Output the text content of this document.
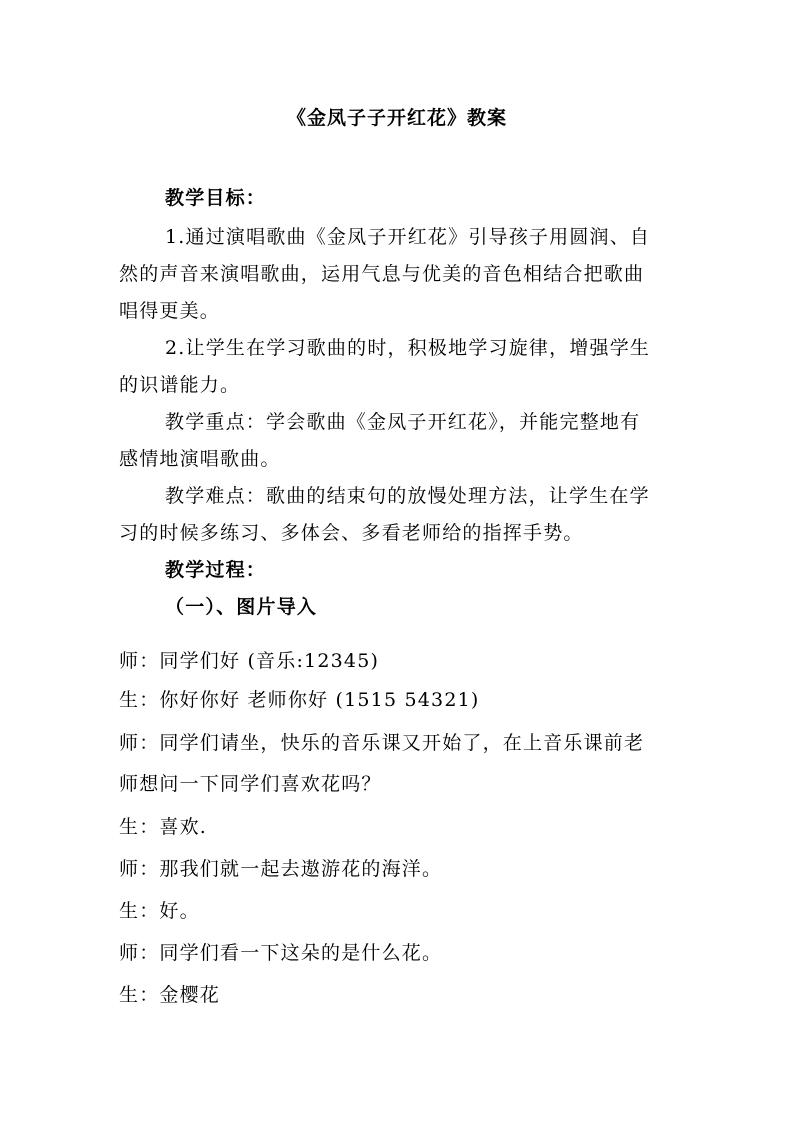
《金凤子子开红花》教案
教学目标：
1.通过演唱歌曲《金凤子开红花》引导孩子用圆润、自
然的声音来演唱歌曲，运用气息与优美的音色相结合把歌曲
唱得更美。
2.让学生在学习歌曲的时，积极地学习旋律，增强学生
的识谱能力。
教学重点：学会歌曲《金凤子开红花》，并能完整地有
感情地演唱歌曲。
教学难点：歌曲的结束句的放慢处理方法，让学生在学
习的时候多练习、多体会、多看老师给的指挥手势。
教学过程：
（一）、图片导入
师：同学们好 (音乐:12345)
生：你好你好 老师你好 (1515 54321)
师：同学们请坐，快乐的音乐课又开始了，在上音乐课前老
师想问一下同学们喜欢花吗？
生：喜欢.
师：那我们就一起去遨游花的海洋。
生：好。
师：同学们看一下这朵的是什么花。
生：金樱花
